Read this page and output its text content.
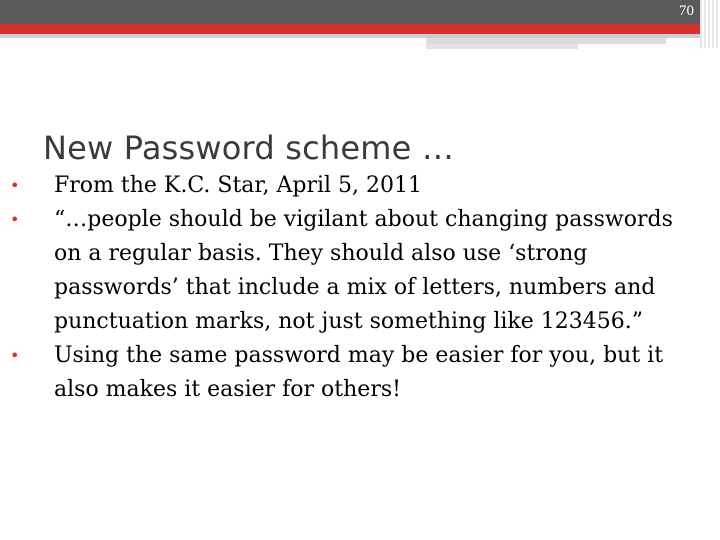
70
New Password scheme …
•	From the K.C. Star, April 5, 2011
•	“…people should be vigilant about changing passwords on a regular basis. They should also use ‘strong passwords’ that include a mix of letters, numbers and punctuation marks, not just something like 123456.”
•	Using the same password may be easier for you, but it also makes it easier for others!
